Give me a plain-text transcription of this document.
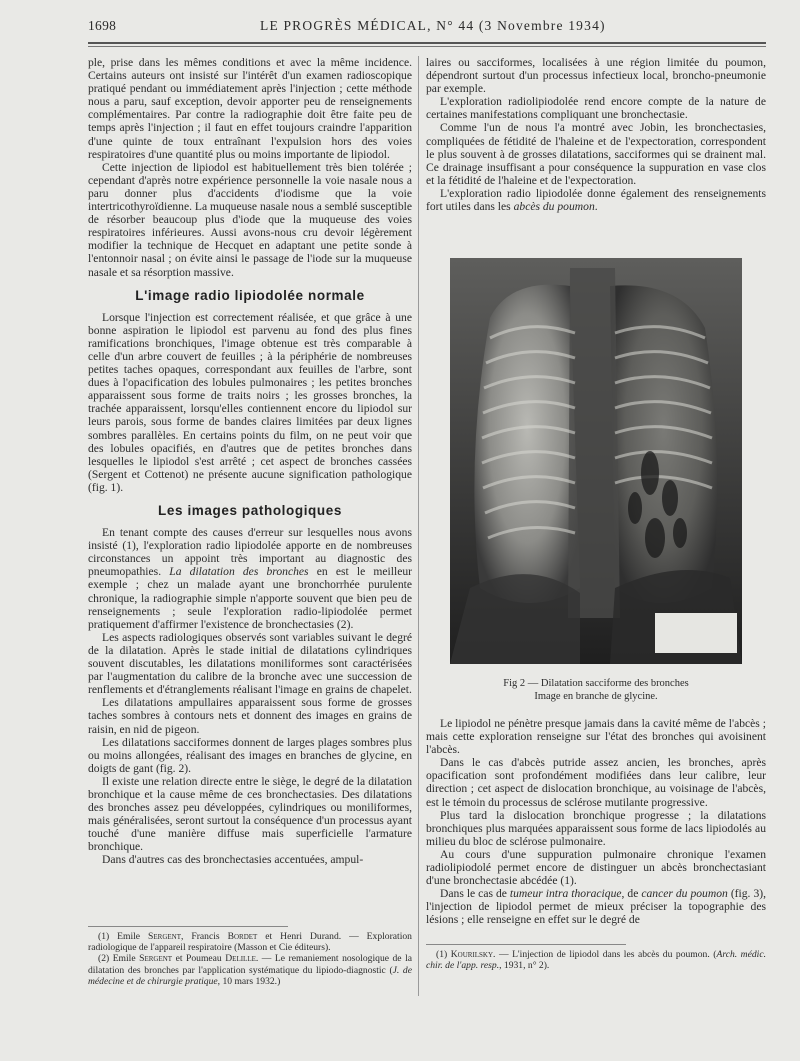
1698	LE PROGRÈS MÉDICAL, N° 44 (3 Novembre 1934)

ple, prise dans les mêmes conditions et avec la même incidence. Certains auteurs ont insisté sur l'intérêt d'un examen radioscopique pratiqué pendant ou immédiatement après l'injection ; cette méthode nous a paru, sauf exception, devoir apporter peu de renseignements complémentaires. Par contre la radiographie doit être faite peu de temps après l'injection ; il faut en effet toujours craindre l'apparition d'une quinte de toux entraînant l'expulsion hors des voies respiratoires d'une quantité plus ou moins importante de lipiodol.

Cette injection de lipiodol est habituellement très bien tolérée ; cependant d'après notre expérience personnelle la voie nasale nous a paru donner plus d'accidents d'iodisme que la voie intertricothyroïdienne. La muqueuse nasale nous a semblé susceptible de résorber beaucoup plus d'iode que la muqueuse des voies respiratoires inférieures. Aussi avons-nous cru devoir légèrement modifier la technique de Hecquet en adaptant une petite sonde à l'entonnoir nasal ; on évite ainsi le passage de l'iode sur la muqueuse nasale et sa résorption massive.

L'image radio lipiodolée normale

Lorsque l'injection est correctement réalisée, et que grâce à une bonne aspiration le lipiodol est parvenu au fond des plus fines ramifications bronchiques, l'image obtenue est très comparable à celle d'un arbre couvert de feuilles ; à la périphérie de nombreuses petites taches opaques, correspondant aux feuilles de l'arbre, sont dues à l'opacification des lobules pulmonaires ; les petites bronches apparaissent sous forme de traits noirs ; les grosses bronches, la trachée apparaissent, lorsqu'elles contiennent encore du lipiodol sur leurs parois, sous forme de bandes claires limitées par deux lignes sombres parallèles. En certains points du film, on ne peut voir que des lobules opacifiés, en d'autres que de petites bronches dans lesquelles le lipiodol s'est arrêté ; cet aspect de bronches cassées (Sergent et Cottenot) ne présente aucune signification pathologique (fig. 1).

Les images pathologiques

En tenant compte des causes d'erreur sur lesquelles nous avons insisté (1), l'exploration radio lipiodolée apporte en de nombreuses circonstances un appoint très important au diagnostic des pneumopathies. La dilatation des bronches en est le meilleur exemple ; chez un malade ayant une bronchorrhée purulente chronique, la radiographie simple n'apporte souvent que bien peu de renseignements ; seule l'exploration radio-lipiodolée permet pratiquement d'affirmer l'existence de bronchectasies (2).

Les aspects radiologiques observés sont variables suivant le degré de la dilatation. Après le stade initial de dilatations cylindriques souvent discutables, les dilatations moniliformes sont caractérisées par l'augmentation du calibre de la bronche avec une succession de renflements et d'étranglements réalisant l'image en grains de chapelet.

Les dilatations ampullaires apparaissent sous forme de grosses taches sombres à contours nets et donnent des images en grains de raisin, en nid de pigeon.

Les dilatations sacciformes donnent de larges plages sombres plus ou moins allongées, réalisant des images en branches de glycine, en doigts de gant (fig. 2).

Il existe une relation directe entre le siège, le degré de la dilatation bronchique et la cause même de ces bronchectasies. Des dilatations des bronches assez peu développées, cylindriques ou moniliformes, mais généralisées, seront surtout la conséquence d'un processus ayant touché d'une manière diffuse mais superficielle l'armature bronchique.

Dans d'autres cas des bronchectasies accentuées, ampul-

(1) Emile Sergent, Francis Bordet et Henri Durand. — Exploration radiologique de l'appareil respiratoire (Masson et Cie éditeurs).

(2) Emile Sergent et Poumeau Delille. — Le remaniement nosologique de la dilatation des bronches par l'application systématique du lipiodo-diagnostic (J. de médecine et de chirurgie pratique, 10 mars 1932.)

laires ou sacciformes, localisées à une région limitée du poumon, dépendront surtout d'un processus infectieux local, broncho-pneumonie par exemple.

L'exploration radiolipiodolée rend encore compte de la nature de certaines manifestations compliquant une bronchectasie.

Comme l'un de nous l'a montré avec Jobin, les bronchectasies, compliquées de fétidité de l'haleine et de l'expectoration, correspondent le plus souvent à de grosses dilatations, sacciformes qui se drainent mal. Ce drainage insuffisant a pour conséquence la suppuration en vase clos et la fétidité de l'haleine et de l'expectoration.

L'exploration radio lipiodolée donne également des renseignements fort utiles dans les abcès du poumon.

Fig 2 — Dilatation sacciforme des bronches
Image en branche de glycine.

Le lipiodol ne pénètre presque jamais dans la cavité même de l'abcès ; mais cette exploration renseigne sur l'état des bronches qui avoisinent l'abcès.

Dans le cas d'abcès putride assez ancien, les bronches, après opacification sont profondément modifiées dans leur calibre, leur direction ; cet aspect de dislocation bronchique, au voisinage de l'abcès, est le témoin du processus de sclérose mutilante progressive.

Plus tard la dislocation bronchique progresse ; la dilatations bronchiques plus marquées apparaissent sous forme de lacs lipiodolés au milieu du bloc de sclérose pulmonaire.

Au cours d'une suppuration pulmonaire chronique l'examen radiolipiodolé permet encore de distinguer un abcès bronchectasiant d'une bronchectasie abcédée (1).

Dans le cas de tumeur intra thoracique, de cancer du poumon (fig. 3), l'injection de lipiodol permet de mieux préciser la topographie des lésions ; elle renseigne en effet sur le degré de

(1) Kourilsky. — L'injection de lipiodol dans les abcès du poumon. (Arch. médic. chir. de l'app. resp., 1931, n° 2).
